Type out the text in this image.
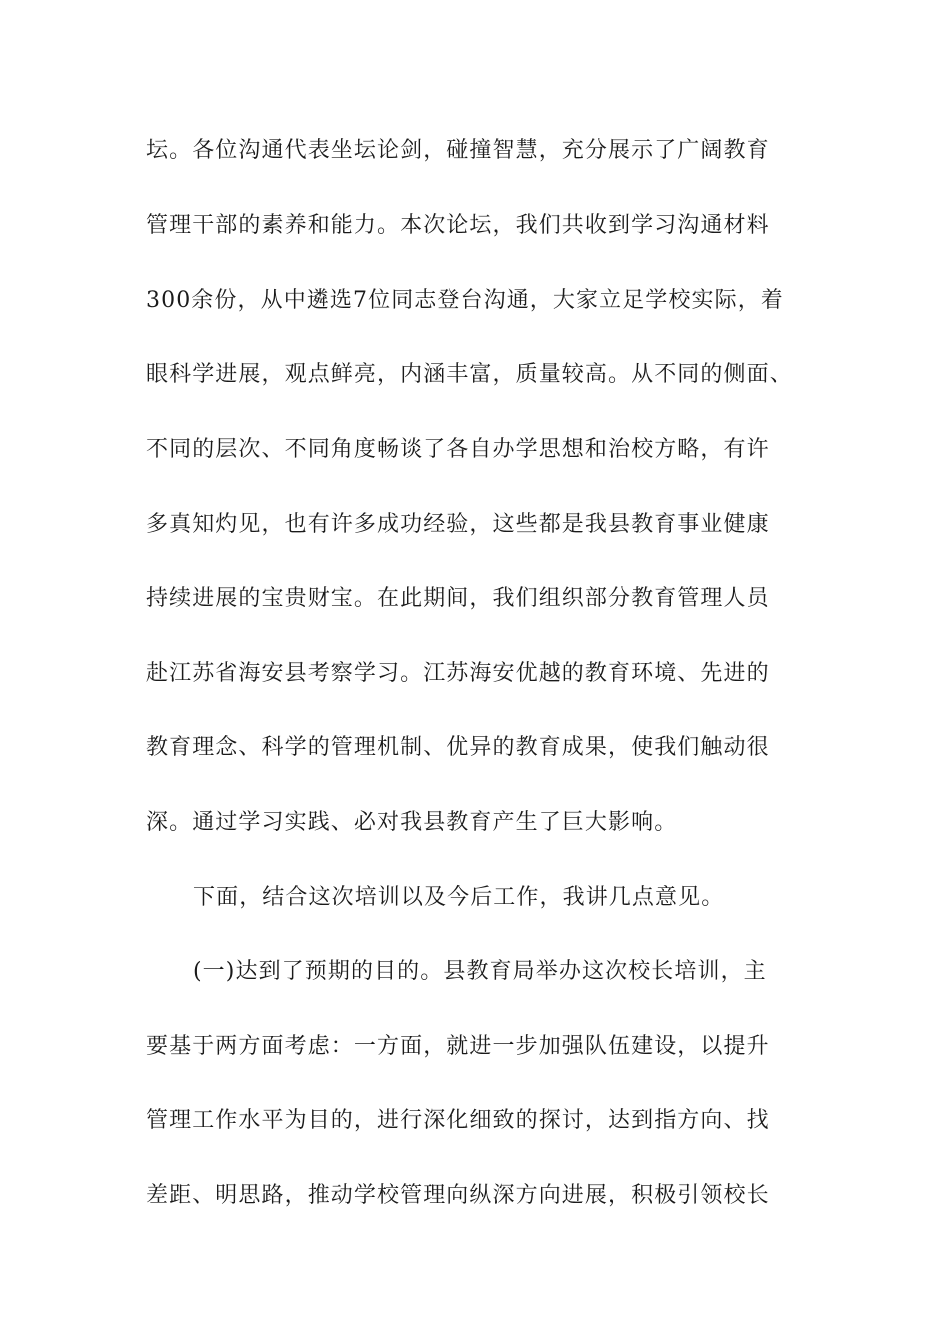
坛。各位沟通代表坐坛论剑，碰撞智慧，充分展示了广阔教育
管理干部的素养和能力。本次论坛，我们共收到学习沟通材料
300余份，从中遴选7位同志登台沟通，大家立足学校实际，着
眼科学进展，观点鲜亮，内涵丰富，质量较高。从不同的侧面、
不同的层次、不同角度畅谈了各自办学思想和治校方略，有许
多真知灼见，也有许多成功经验，这些都是我县教育事业健康
持续进展的宝贵财宝。在此期间，我们组织部分教育管理人员
赴江苏省海安县考察学习。江苏海安优越的教育环境、先进的
教育理念、科学的管理机制、优异的教育成果，使我们触动很
深。通过学习实践、必对我县教育产生了巨大影响。
下面，结合这次培训以及今后工作，我讲几点意见。
(一)达到了预期的目的。县教育局举办这次校长培训，主
要基于两方面考虑：一方面，就进一步加强队伍建设，以提升
管理工作水平为目的，进行深化细致的探讨，达到指方向、找
差距、明思路，推动学校管理向纵深方向进展，积极引领校长
